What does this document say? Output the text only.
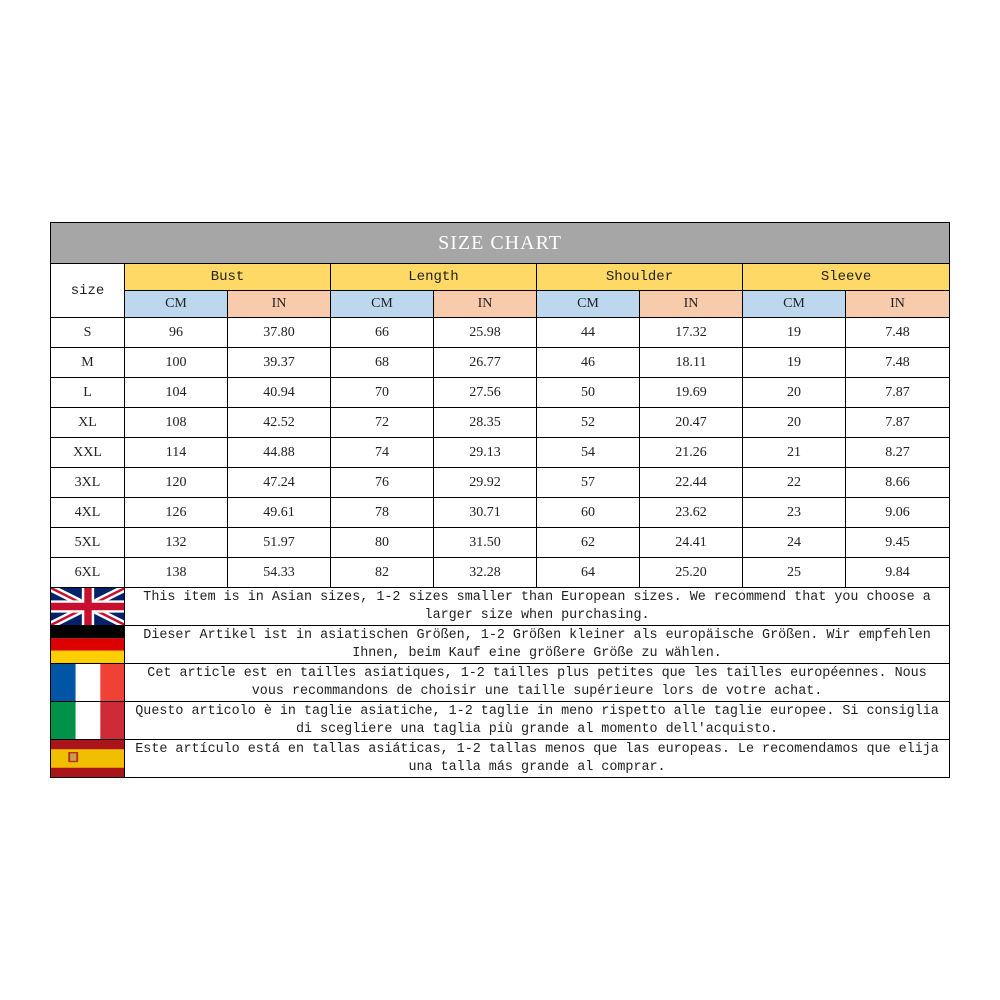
SIZE CHART								
size	Bust		Length		Shoulder		Sleeve	
	CM	IN	CM	IN	CM	IN	CM	IN
S	96	37.80	66	25.98	44	17.32	19	7.48
M	100	39.37	68	26.77	46	18.11	19	7.48
L	104	40.94	70	27.56	50	19.69	20	7.87
XL	108	42.52	72	28.35	52	20.47	20	7.87
XXL	114	44.88	74	29.13	54	21.26	21	8.27
3XL	120	47.24	76	29.92	57	22.44	22	8.66
4XL	126	49.61	78	30.71	60	23.62	23	9.06
5XL	132	51.97	80	31.50	62	24.41	24	9.45
6XL	138	54.33	82	32.28	64	25.20	25	9.84

	This item is in Asian sizes, 1-2 sizes smaller than European sizes. We recommend that you choose a larger size when purchasing.							

	Dieser Artikel ist in asiatischen Größen, 1-2 Größen kleiner als europäische Größen. Wir empfehlen Ihnen, beim Kauf eine größere Größe zu wählen.							

	Cet article est en tailles asiatiques, 1-2 tailles plus petites que les tailles européennes. Nous vous recommandons de choisir une taille supérieure lors de votre achat.							

	Questo articolo è in taglie asiatiche, 1-2 taglie in meno rispetto alle taglie europee. Si consiglia di scegliere una taglia più grande al momento dell'acquisto.							

	Este artículo está en tallas asiáticas, 1-2 tallas menos que las europeas. Le recomendamos que elija una talla más grande al comprar.							
